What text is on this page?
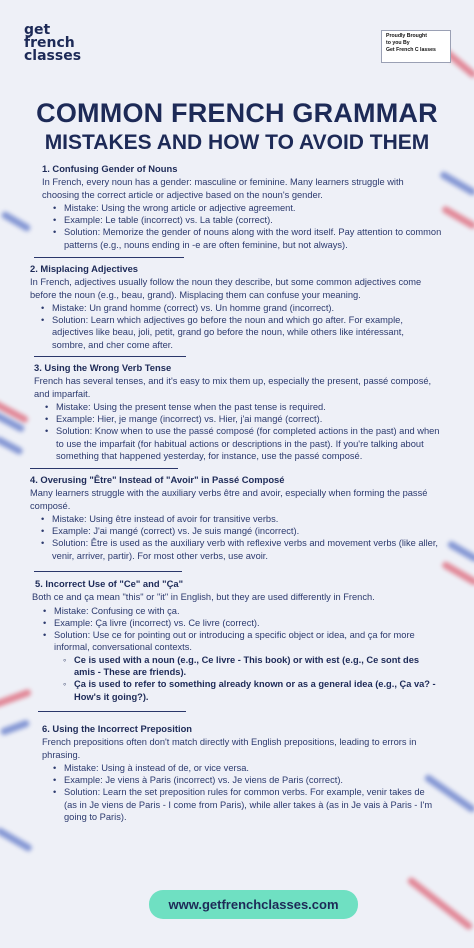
get
french
classes
Proudly Brought
to you By
Get French C lasses
COMMON FRENCH GRAMMAR
MISTAKES AND HOW TO AVOID THEM
1. Confusing Gender of Nouns
In French, every noun has a gender: masculine or feminine. Many learners struggle with choosing the correct article or adjective based on the noun's gender.
• Mistake: Using the wrong article or adjective agreement.
• Example: Le table (incorrect) vs. La table (correct).
• Solution: Memorize the gender of nouns along with the word itself. Pay attention to common patterns (e.g., nouns ending in -e are often feminine, but not always).
2. Misplacing Adjectives
In French, adjectives usually follow the noun they describe, but some common adjectives come before the noun (e.g., beau, grand). Misplacing them can confuse your meaning.
• Mistake: Un grand homme (correct) vs. Un homme grand (incorrect).
• Solution: Learn which adjectives go before the noun and which go after. For example, adjectives like beau, joli, petit, grand go before the noun, while others like intéressant, sombre, and cher come after.
3. Using the Wrong Verb Tense
French has several tenses, and it's easy to mix them up, especially the present, passé composé, and imparfait.
• Mistake: Using the present tense when the past tense is required.
• Example: Hier, je mange (incorrect) vs. Hier, j'ai mangé (correct).
• Solution: Know when to use the passé composé (for completed actions in the past) and when to use the imparfait (for habitual actions or descriptions in the past). If you're talking about something that happened yesterday, for instance, use the passé composé.
4. Overusing "Être" Instead of "Avoir" in Passé Composé
Many learners struggle with the auxiliary verbs être and avoir, especially when forming the passé composé.
• Mistake: Using être instead of avoir for transitive verbs.
• Example: J'ai mangé (correct) vs. Je suis mangé (incorrect).
• Solution: Être is used as the auxiliary verb with reflexive verbs and movement verbs (like aller, venir, arriver, partir). For most other verbs, use avoir.
5. Incorrect Use of "Ce" and "Ça"
Both ce and ça mean "this" or "it" in English, but they are used differently in French.
• Mistake: Confusing ce with ça.
• Example: Ça livre (incorrect) vs. Ce livre (correct).
• Solution: Use ce for pointing out or introducing a specific object or idea, and ça for more informal, conversational contexts.
◦ Ce is used with a noun (e.g., Ce livre - This book) or with est (e.g., Ce sont des amis - These are friends).
◦ Ça is used to refer to something already known or as a general idea (e.g., Ça va? - How's it going?).
6. Using the Incorrect Preposition
French prepositions often don't match directly with English prepositions, leading to errors in phrasing.
• Mistake: Using à instead of de, or vice versa.
• Example: Je viens à Paris (incorrect) vs. Je viens de Paris (correct).
• Solution: Learn the set preposition rules for common verbs. For example, venir takes de (as in Je viens de Paris - I come from Paris), while aller takes à (as in Je vais à Paris - I'm going to Paris).
www.getfrenchclasses.com
